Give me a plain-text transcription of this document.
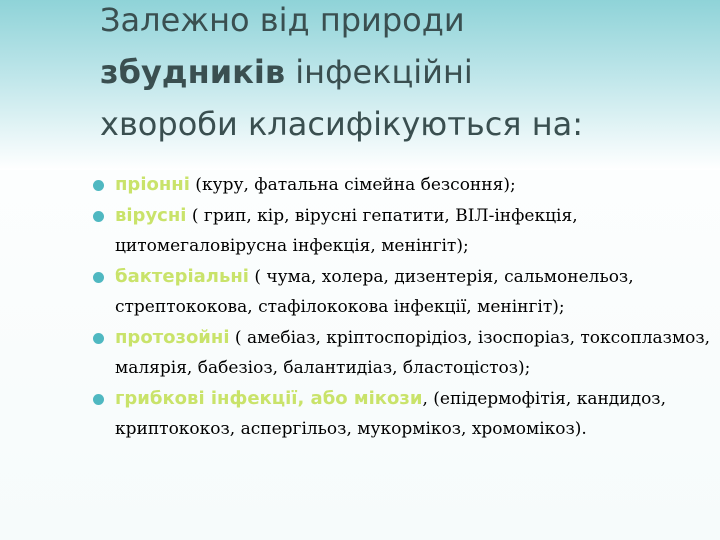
Залежно від природи
збудників інфекційні
хвороби класифікуються на:
пріонні (куру, фатальна сімейна безсоння);
вірусні ( грип, кір, вірусні гепатити, ВІЛ-інфекція, цитомегаловірусна інфекція, менінгіт);
бактеріальні ( чума, холера, дизентерія, сальмонельоз, стрептококова, стафілококова інфекції, менінгіт);
протозойні ( амебіаз, кріптоспорідіоз, ізоспоріаз, токсоплазмоз, малярія, бабезіоз, балантидіаз, бластоцістоз);
грибкові інфекції, або мікози, (епідермофітія, кандидоз, криптококоз, аспергільоз, мукорміκоз, хромоміκоз).
